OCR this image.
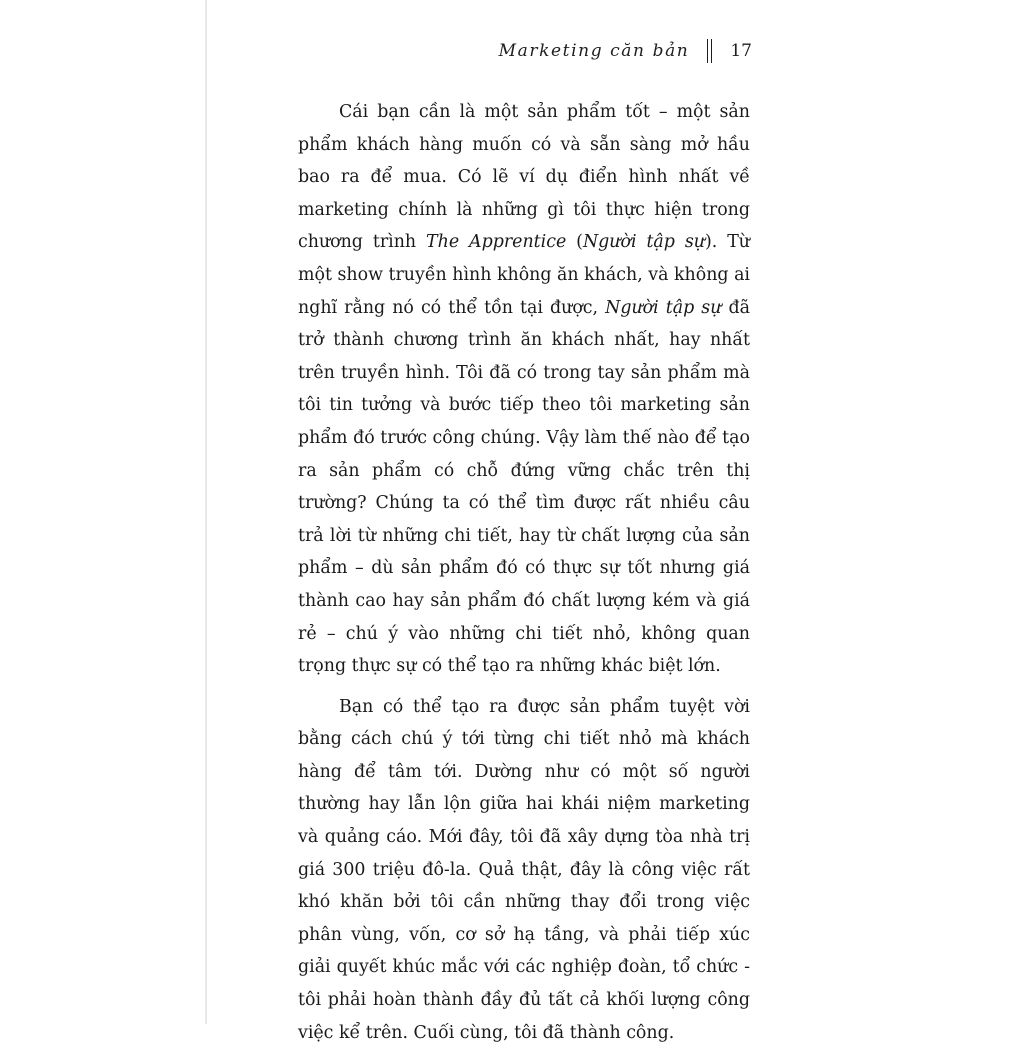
Marketing căn bản 17

Cái bạn cần là một sản phẩm tốt – một sản phẩm khách hàng muốn có và sẵn sàng mở hầu bao ra để mua. Có lẽ ví dụ điển hình nhất về marketing chính là những gì tôi thực hiện trong chương trình The Apprentice (Người tập sự). Từ một show truyền hình không ăn khách, và không ai nghĩ rằng nó có thể tồn tại được, Người tập sự đã trở thành chương trình ăn khách nhất, hay nhất trên truyền hình. Tôi đã có trong tay sản phẩm mà tôi tin tưởng và bước tiếp theo tôi marketing sản phẩm đó trước công chúng. Vậy làm thế nào để tạo ra sản phẩm có chỗ đứng vững chắc trên thị trường? Chúng ta có thể tìm được rất nhiều câu trả lời từ những chi tiết, hay từ chất lượng của sản phẩm – dù sản phẩm đó có thực sự tốt nhưng giá thành cao hay sản phẩm đó chất lượng kém và giá rẻ – chú ý vào những chi tiết nhỏ, không quan trọng thực sự có thể tạo ra những khác biệt lớn.

Bạn có thể tạo ra được sản phẩm tuyệt vời bằng cách chú ý tới từng chi tiết nhỏ mà khách hàng để tâm tới. Dường như có một số người thường hay lẫn lộn giữa hai khái niệm marketing và quảng cáo. Mới đây, tôi đã xây dựng tòa nhà trị giá 300 triệu đô-la. Quả thật, đây là công việc rất khó khăn bởi tôi cần những thay đổi trong việc phân vùng, vốn, cơ sở hạ tầng, và phải tiếp xúc giải quyết khúc mắc với các nghiệp đoàn, tổ chức - tôi phải hoàn thành đầy đủ tất cả khối lượng công việc kể trên. Cuối cùng, tôi đã thành công.
